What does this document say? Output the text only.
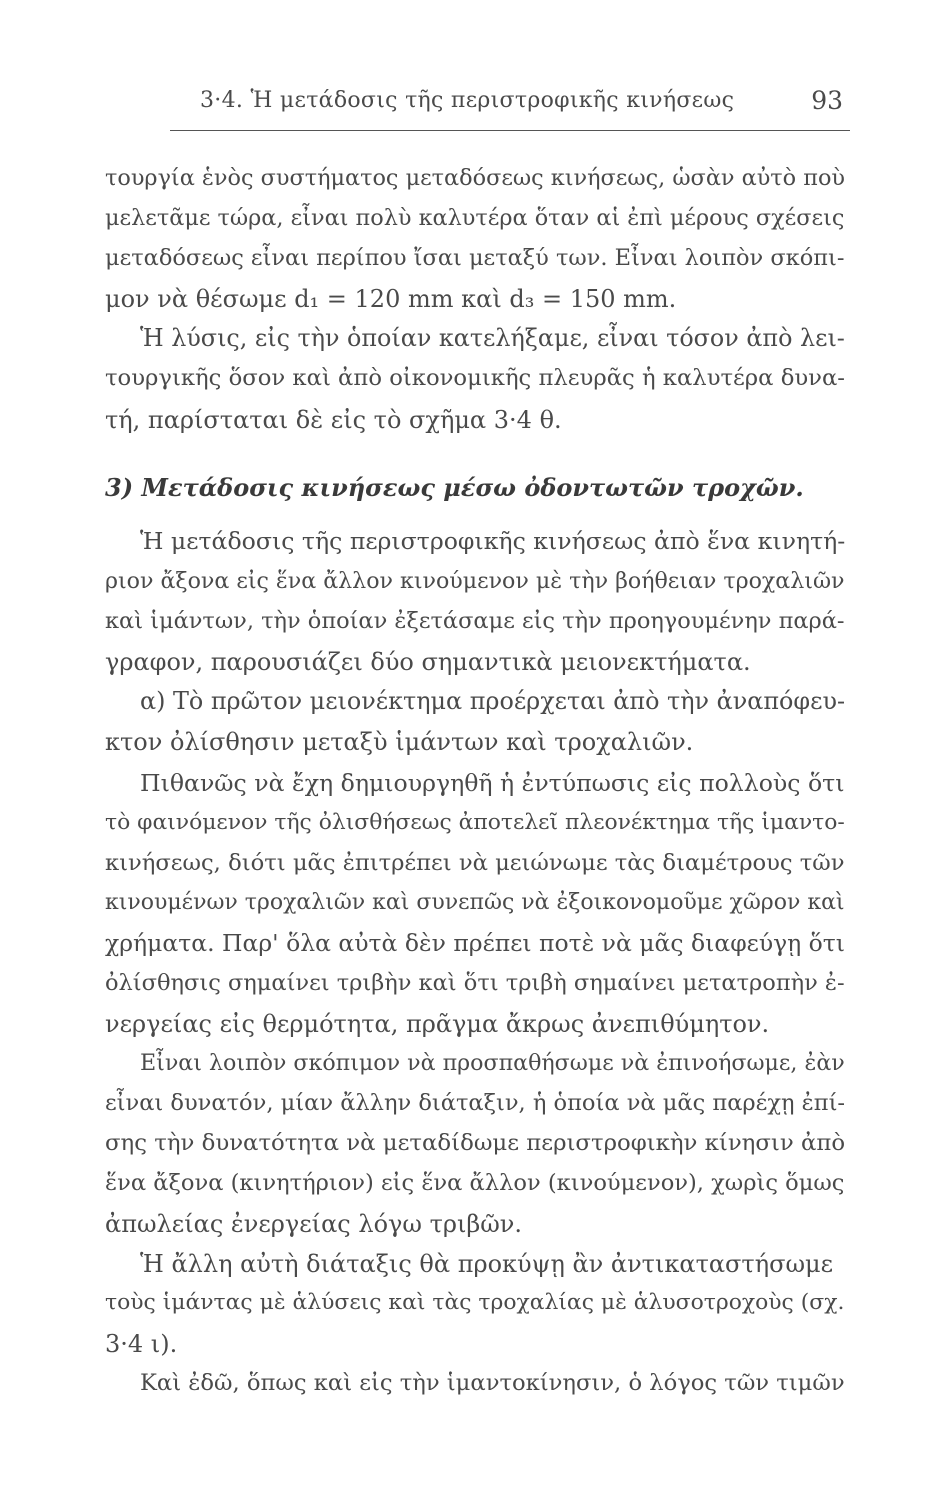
3·4. Ἡ μετάδοσις τῆς περιστροφικῆς κινήσεως	93
τουργία ἑνὸς συστήματος μεταδόσεως κινήσεως, ὡσὰν αὐτὸ ποὺ
μελετᾶμε τώρα, εἶναι πολὺ καλυτέρα ὅταν αἱ ἐπὶ μέρους σχέσεις
μεταδόσεως εἶναι περίπου ἴσαι μεταξύ των. Εἶναι λοιπὸν σκόπι-
μον νὰ θέσωμε d₁ = 120 mm καὶ d₃ = 150 mm.
Ἡ λύσις, εἰς τὴν ὁποίαν κατελήξαμε, εἶναι τόσον ἀπὸ λει-
τουργικῆς ὅσον καὶ ἀπὸ οἰκονομικῆς πλευρᾶς ἡ καλυτέρα δυνα-
τή, παρίσταται δὲ εἰς τὸ σχῆμα 3·4 θ.
3) Μετάδοσις κινήσεως μέσω ὀδοντωτῶν τροχῶν.
Ἡ μετάδοσις τῆς περιστροφικῆς κινήσεως ἀπὸ ἕνα κινητή-
ριον ἄξονα εἰς ἕνα ἄλλον κινούμενον μὲ τὴν βοήθειαν τροχαλιῶν
καὶ ἱμάντων, τὴν ὁποίαν ἐξετάσαμε εἰς τὴν προηγουμένην παρά-
γραφον, παρουσιάζει δύο σημαντικὰ μειονεκτήματα.
α) Τὸ πρῶτον μειονέκτημα προέρχεται ἀπὸ τὴν ἀναπόφευ-
κτον ὀλίσθησιν μεταξὺ ἱμάντων καὶ τροχαλιῶν.
Πιθανῶς νὰ ἔχη δημιουργηθῆ ἡ ἐντύπωσις εἰς πολλοὺς ὅτι
τὸ φαινόμενον τῆς ὀλισθήσεως ἀποτελεῖ πλεονέκτημα τῆς ἱμαντο-
κινήσεως, διότι μᾶς ἐπιτρέπει νὰ μειώνωμε τὰς διαμέτρους τῶν
κινουμένων τροχαλιῶν καὶ συνεπῶς νὰ ἐξοικονομοῦμε χῶρον καὶ
χρήματα. Παρ' ὅλα αὐτὰ δὲν πρέπει ποτὲ νὰ μᾶς διαφεύγῃ ὅτι
ὀλίσθησις σημαίνει τριβὴν καὶ ὅτι τριβὴ σημαίνει μετατροπὴν ἐ-
νεργείας εἰς θερμότητα, πρᾶγμα ἄκρως ἀνεπιθύμητον.
Εἶναι λοιπὸν σκόπιμον νὰ προσπαθήσωμε νὰ ἐπινοήσωμε, ἐὰν
εἶναι δυνατόν, μίαν ἄλλην διάταξιν, ἡ ὁποία νὰ μᾶς παρέχῃ ἐπί-
σης τὴν δυνατότητα νὰ μεταδίδωμε περιστροφικὴν κίνησιν ἀπὸ
ἕνα ἄξονα (κινητήριον) εἰς ἕνα ἄλλον (κινούμενον), χωρὶς ὅμως
ἀπωλείας ἐνεργείας λόγω τριβῶν.
Ἡ ἄλλη αὐτὴ διάταξις θὰ προκύψῃ ἂν ἀντικαταστήσωμε
τοὺς ἱμάντας μὲ ἁλύσεις καὶ τὰς τροχαλίας μὲ ἁλυσοτροχοὺς (σχ.
3·4 ι).
Καὶ ἐδῶ, ὅπως καὶ εἰς τὴν ἱμαντοκίνησιν, ὁ λόγος τῶν τιμῶν
